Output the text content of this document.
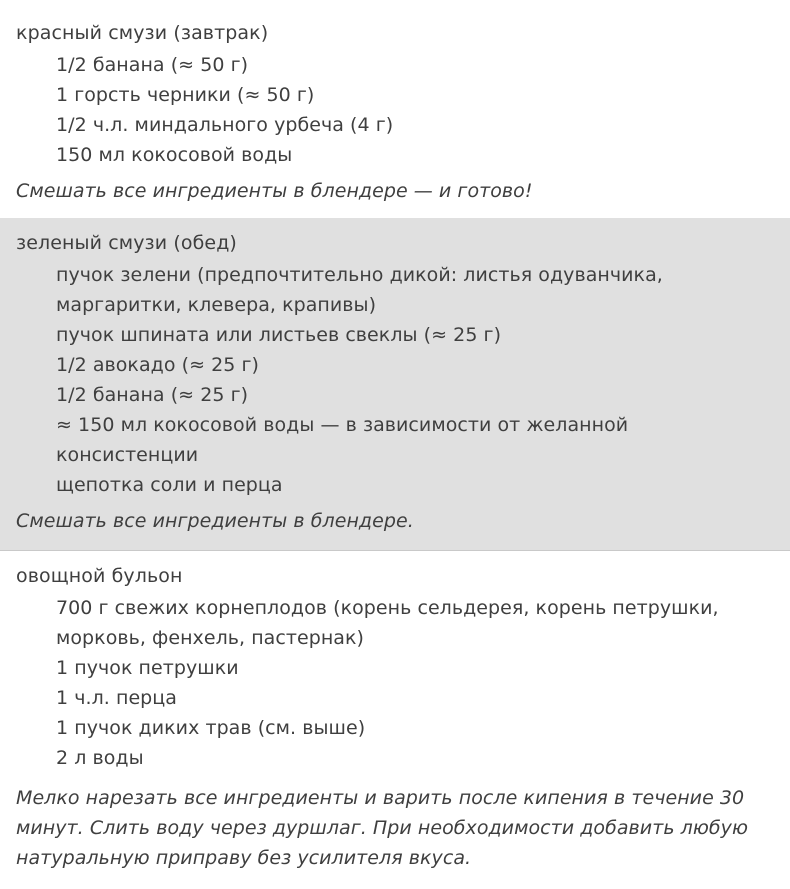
красный смузи (завтрак)
1/2 банана (≈ 50 г)
1 горсть черники (≈ 50 г)
1/2 ч.л. миндального урбеча (4 г)
150 мл кокосовой воды

Смешать все ингредиенты в блендере — и готово!

зеленый смузи (обед)
пучок зелени (предпочтительно дикой: листья одуванчика, маргаритки, клевера, крапивы)
пучок шпината или листьев свеклы (≈ 25 г)
1/2 авокадо (≈ 25 г)
1/2 банана (≈ 25 г)
≈ 150 мл кокосовой воды — в зависимости от желанной консистенции
щепотка соли и перца

Смешать все ингредиенты в блендере.

овощной бульон
700 г свежих корнеплодов (корень сельдерея, корень петрушки, морковь, фенхель, пастернак)
1 пучок петрушки
1 ч.л. перца
1 пучок диких трав (см. выше)
2 л воды

Мелко нарезать все ингредиенты и варить после кипения в течение 30 минут. Слить воду через дуршлаг. При необходимости добавить любую натуральную приправу без усилителя вкуса.
